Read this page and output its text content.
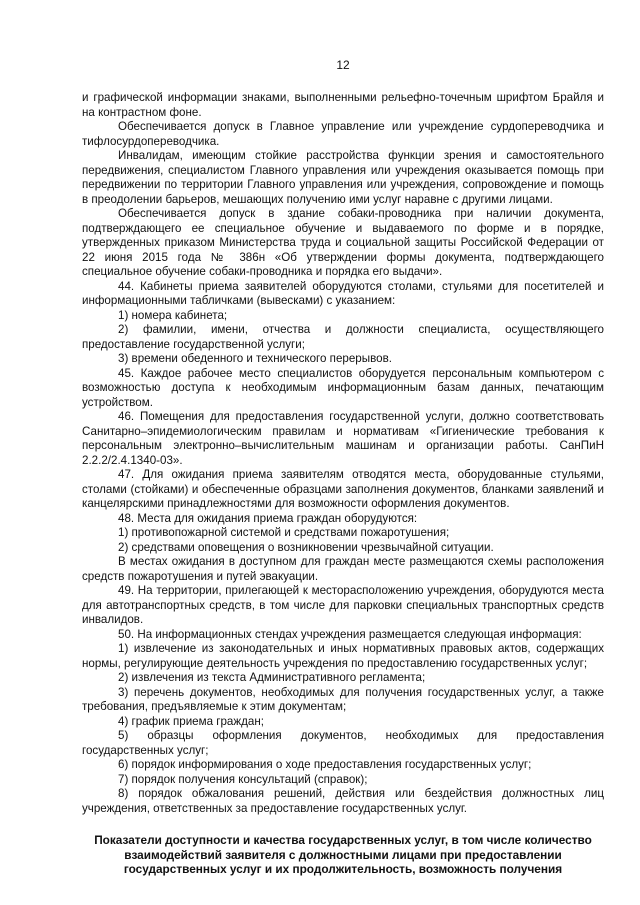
12

и графической информации знаками, выполненными рельефно-точечным шрифтом Брайля и на контрастном фоне.

Обеспечивается допуск в Главное управление или учреждение сурдопереводчика и тифлосурдопереводчика.

Инвалидам, имеющим стойкие расстройства функции зрения и самостоятельного передвижения, специалистом Главного управления или учреждения оказывается помощь при передвижении по территории Главного управления или учреждения, сопровождение и помощь в преодолении барьеров, мешающих получению ими услуг наравне с другими лицами.

Обеспечивается допуск в здание собаки-проводника при наличии документа, подтверждающего ее специальное обучение и выдаваемого по форме и в порядке, утвержденных приказом Министерства труда и социальной защиты Российской Федерации от 22 июня 2015 года № 386н «Об утверждении формы документа, подтверждающего специальное обучение собаки-проводника и порядка его выдачи».

44. Кабинеты приема заявителей оборудуются столами, стульями для посетителей и информационными табличками (вывесками) с указанием:

1) номера кабинета;

2) фамилии, имени, отчества и должности специалиста, осуществляющего предоставление государственной услуги;

3) времени обеденного и технического перерывов.

45. Каждое рабочее место специалистов оборудуется персональным компьютером с возможностью доступа к необходимым информационным базам данных, печатающим устройством.

46. Помещения для предоставления государственной услуги, должно соответствовать Санитарно–эпидемиологическим правилам и нормативам «Гигиенические требования к персональным электронно–вычислительным машинам и организации работы. СанПиН 2.2.2/2.4.1340-03».

47. Для ожидания приема заявителям отводятся места, оборудованные стульями, столами (стойками) и обеспеченные образцами заполнения документов, бланками заявлений и канцелярскими принадлежностями для возможности оформления документов.

48. Места для ожидания приема граждан оборудуются:

1) противопожарной системой и средствами пожаротушения;

2) средствами оповещения о возникновении чрезвычайной ситуации.

В местах ожидания в доступном для граждан месте размещаются схемы расположения средств пожаротушения и путей эвакуации.

49. На территории, прилегающей к месторасположению учреждения, оборудуются места для автотранспортных средств, в том числе для парковки специальных транспортных средств инвалидов.

50. На информационных стендах учреждения размещается следующая информация:

1) извлечение из законодательных и иных нормативных правовых актов, содержащих нормы, регулирующие деятельность учреждения по предоставлению государственных услуг;

2) извлечения из текста Административного регламента;

3) перечень документов, необходимых для получения государственных услуг, а также требования, предъявляемые к этим документам;

4) график приема граждан;

5) образцы оформления документов, необходимых для предоставления государственных услуг;

6) порядок информирования о ходе предоставления государственных услуг;

7) порядок получения консультаций (справок);

8) порядок обжалования решений, действия или бездействия должностных лиц учреждения, ответственных за предоставление государственных услуг.

Показатели доступности и качества государственных услуг, в том числе количество
взаимодействий заявителя с должностными лицами при предоставлении
государственных услуг и их продолжительность, возможность получения
